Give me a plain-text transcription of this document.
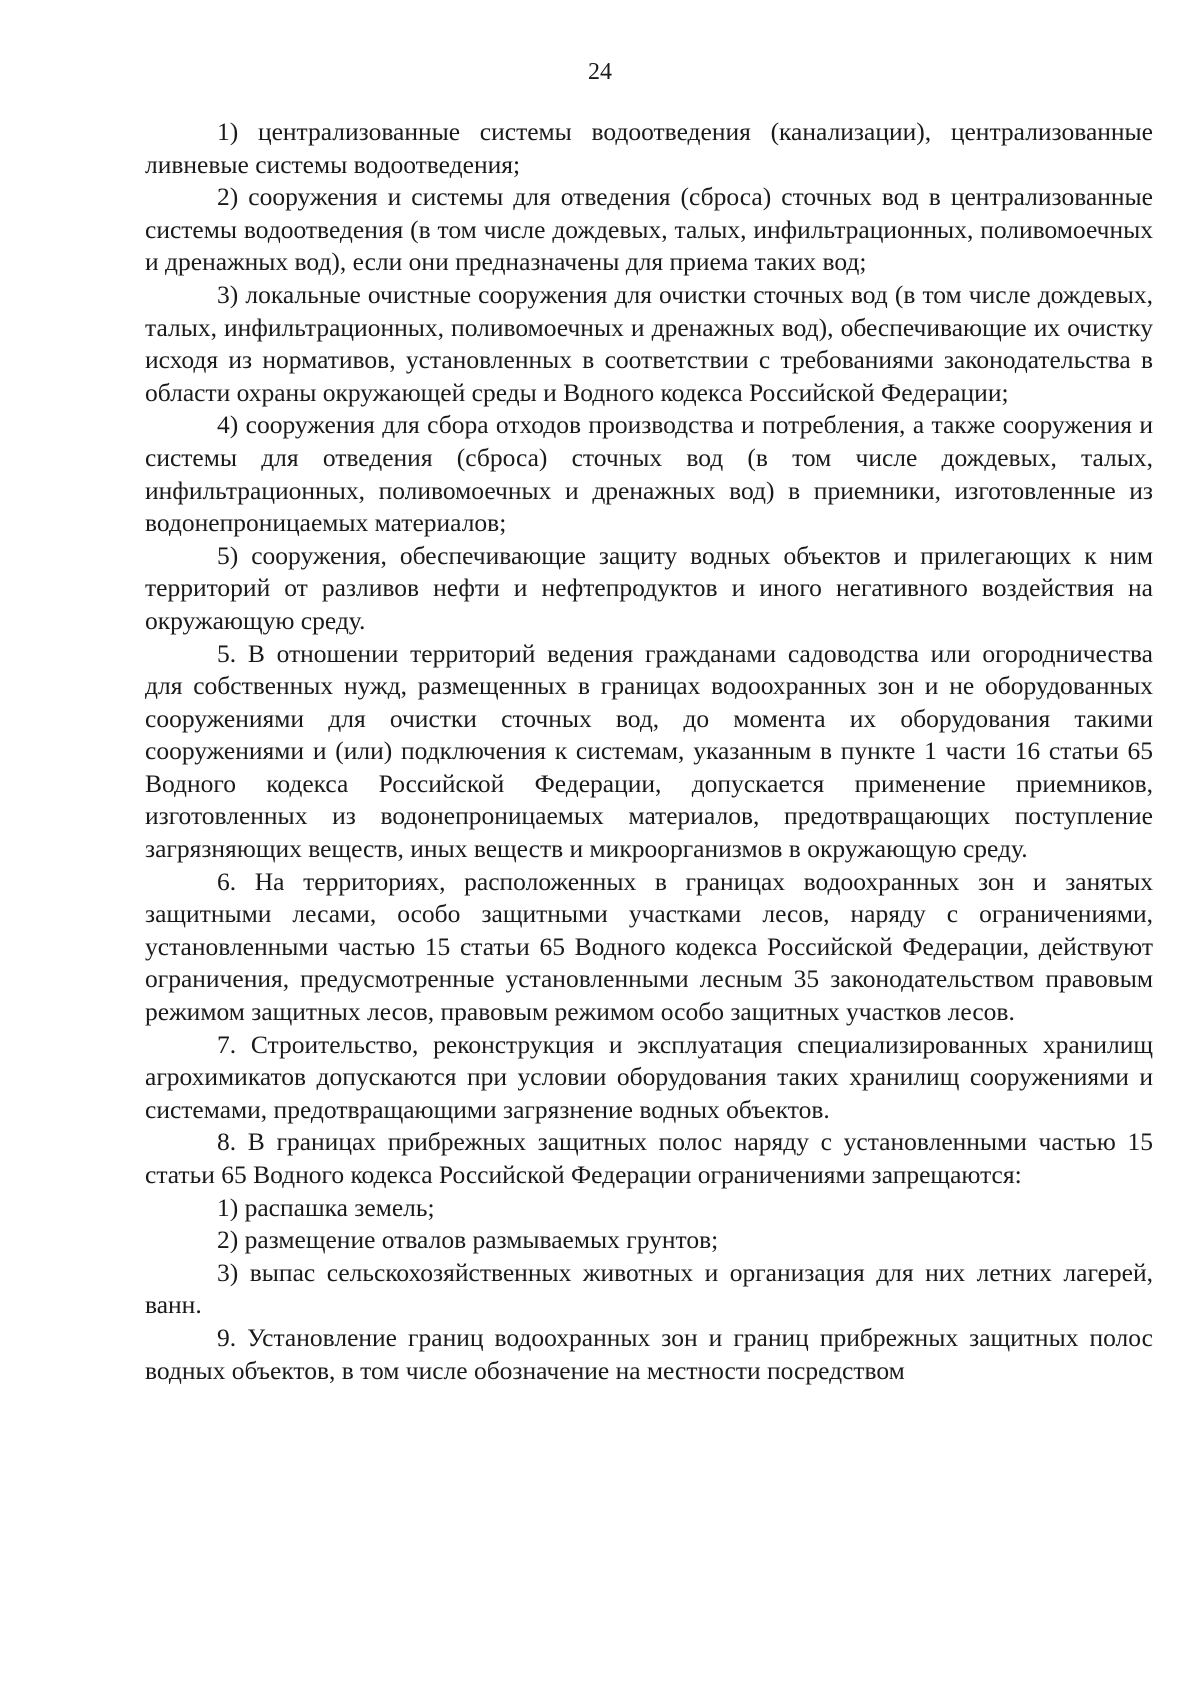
24

1) централизованные системы водоотведения (канализации), централизованные ливневые системы водоотведения;

2) сооружения и системы для отведения (сброса) сточных вод в централизованные системы водоотведения (в том числе дождевых, талых, инфильтрационных, поливомоечных и дренажных вод), если они предназначены для приема таких вод;

3) локальные очистные сооружения для очистки сточных вод (в том числе дождевых, талых, инфильтрационных, поливомоечных и дренажных вод), обеспечивающие их очистку исходя из нормативов, установленных в соответствии с требованиями законодательства в области охраны окружающей среды и Водного кодекса Российской Федерации;

4) сооружения для сбора отходов производства и потребления, а также сооружения и системы для отведения (сброса) сточных вод (в том числе дождевых, талых, инфильтрационных, поливомоечных и дренажных вод) в приемники, изготовленные из водонепроницаемых материалов;

5) сооружения, обеспечивающие защиту водных объектов и прилегающих к ним территорий от разливов нефти и нефтепродуктов и иного негативного воздействия на окружающую среду.

5. В отношении территорий ведения гражданами садоводства или огородничества для собственных нужд, размещенных в границах водоохранных зон и не оборудованных сооружениями для очистки сточных вод, до момента их оборудования такими сооружениями и (или) подключения к системам, указанным в пункте 1 части 16 статьи 65 Водного кодекса Российской Федерации, допускается применение приемников, изготовленных из водонепроницаемых материалов, предотвращающих поступление загрязняющих веществ, иных веществ и микроорганизмов в окружающую среду.

6. На территориях, расположенных в границах водоохранных зон и занятых защитными лесами, особо защитными участками лесов, наряду с ограничениями, установленными частью 15 статьи 65 Водного кодекса Российской Федерации, действуют ограничения, предусмотренные установленными лесным 35 законодательством правовым режимом защитных лесов, правовым режимом особо защитных участков лесов.

7. Строительство, реконструкция и эксплуатация специализированных хранилищ агрохимикатов допускаются при условии оборудования таких хранилищ сооружениями и системами, предотвращающими загрязнение водных объектов.

8. В границах прибрежных защитных полос наряду с установленными частью 15 статьи 65 Водного кодекса Российской Федерации ограничениями запрещаются:

1) распашка земель;

2) размещение отвалов размываемых грунтов;

3) выпас сельскохозяйственных животных и организация для них летних лагерей, ванн.

9. Установление границ водоохранных зон и границ прибрежных защитных полос водных объектов, в том числе обозначение на местности посредством
